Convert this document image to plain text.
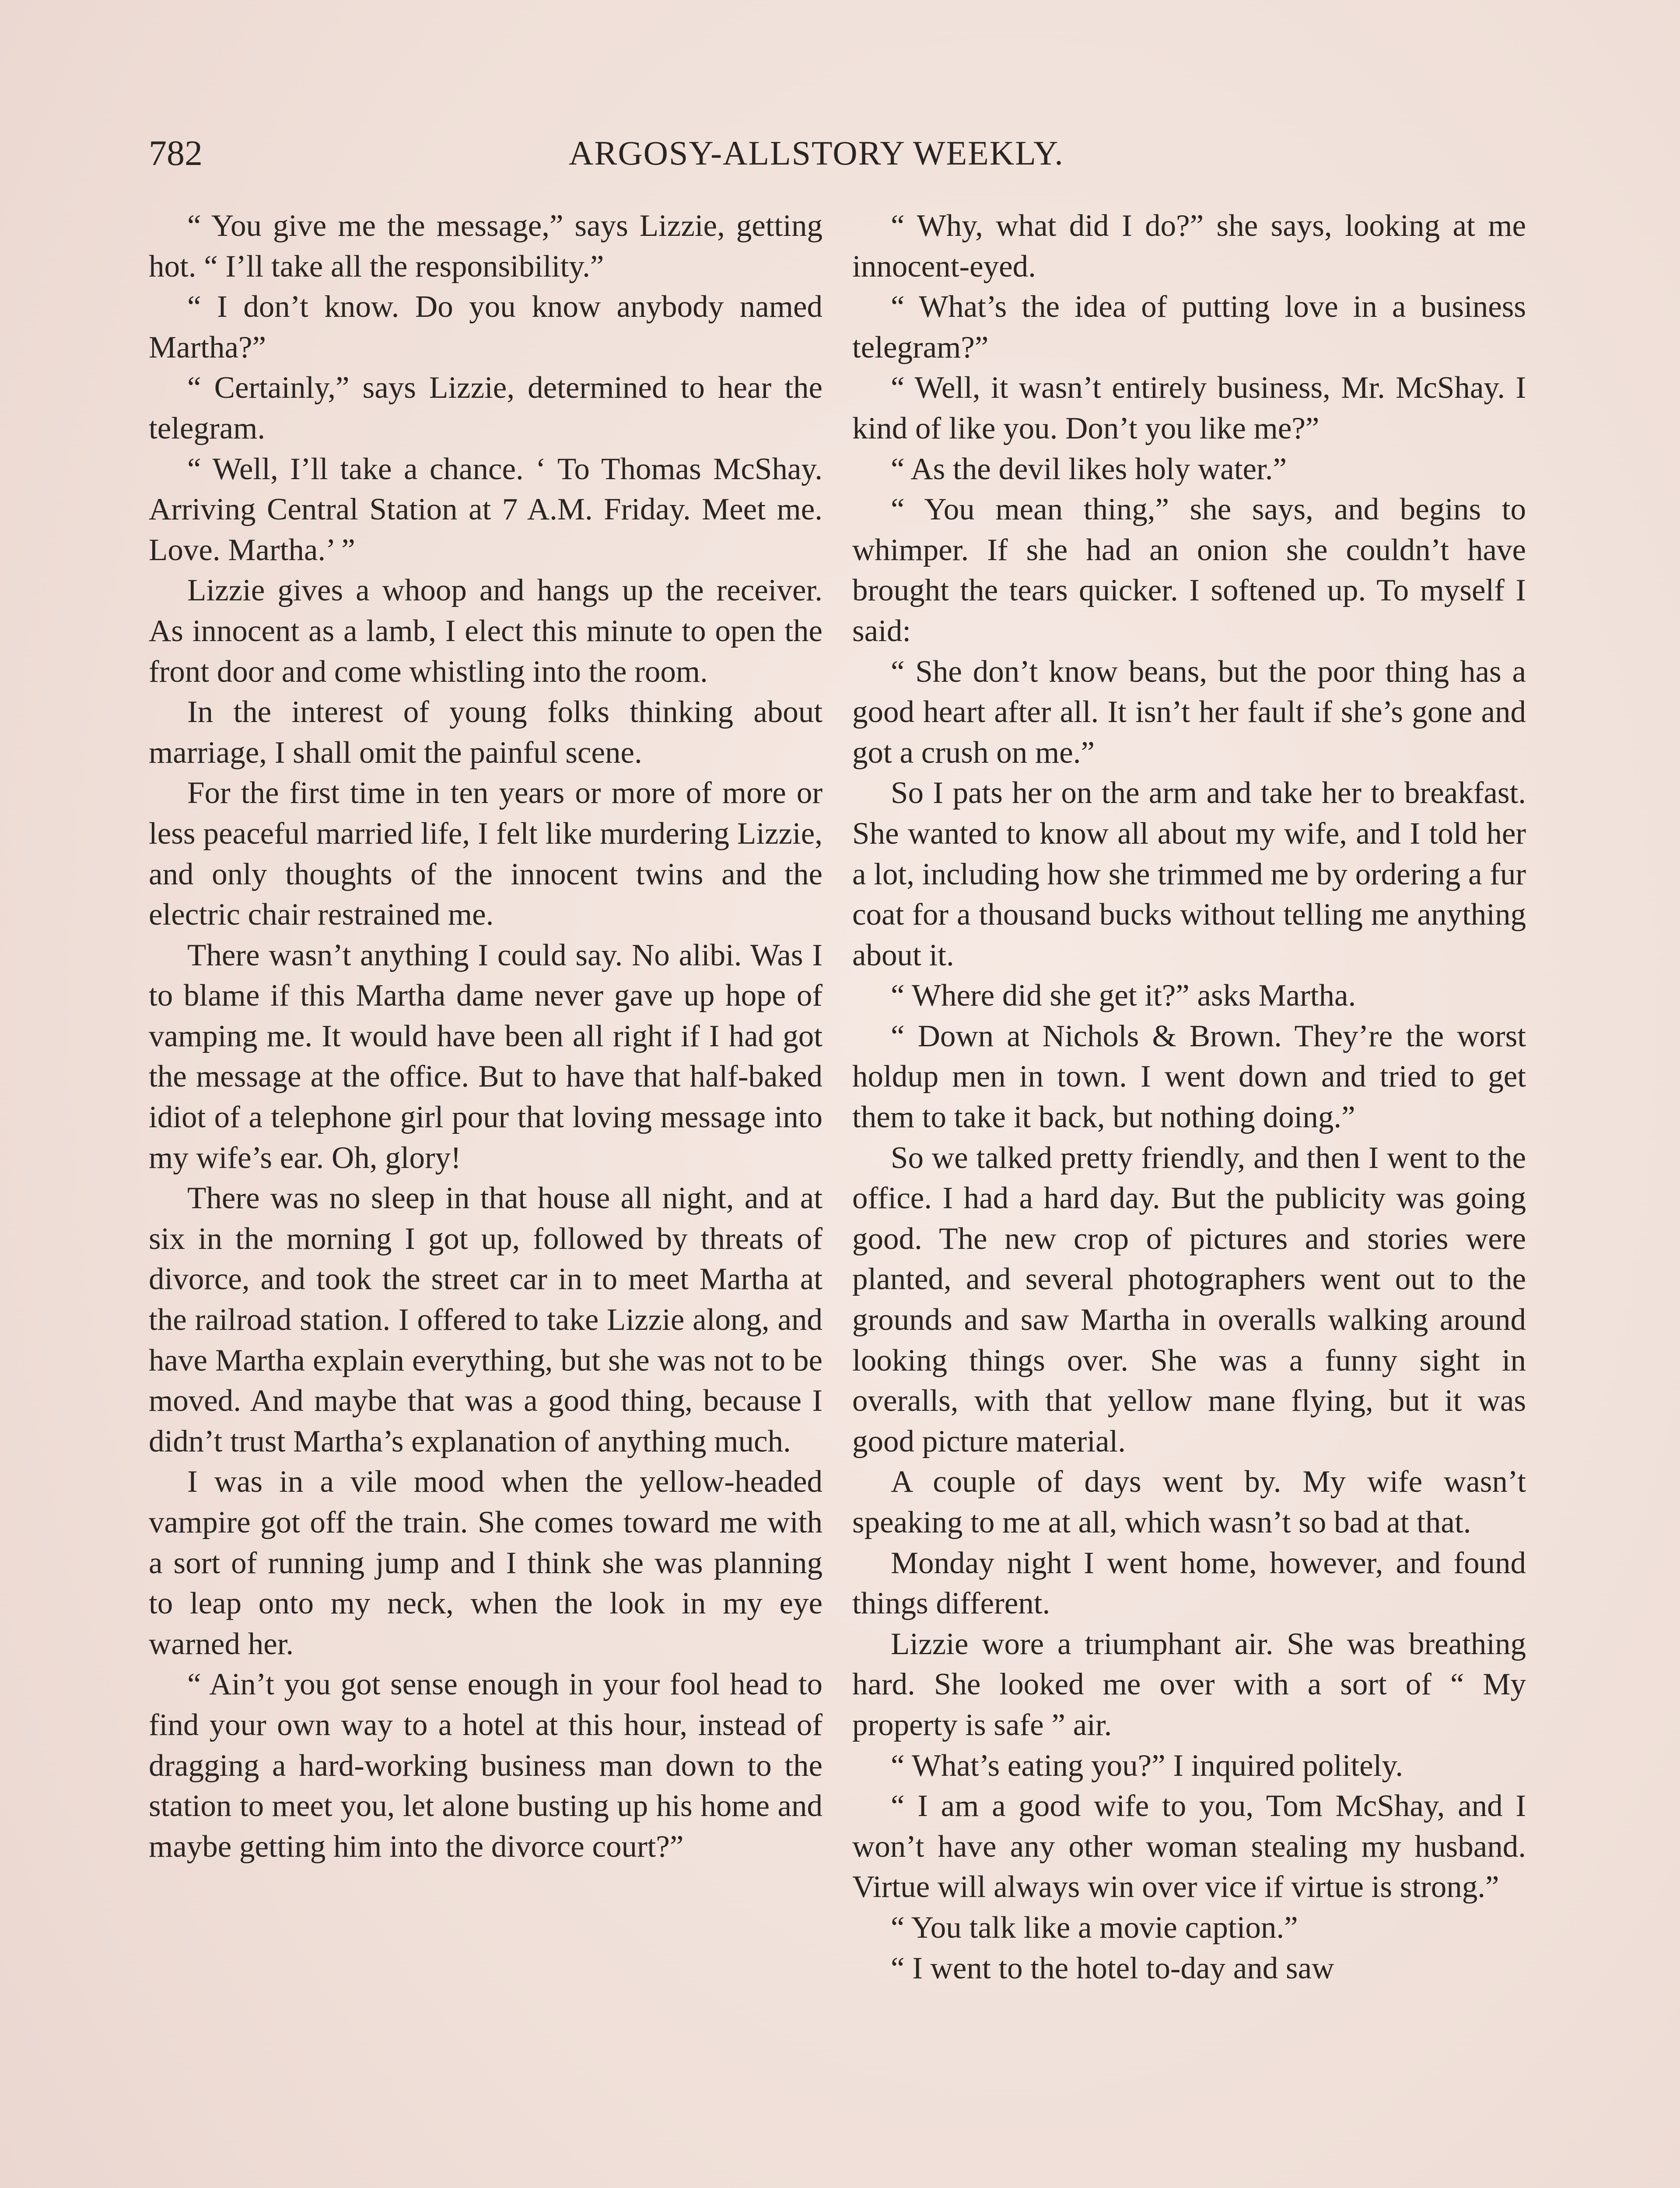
782	ARGOSY-ALLSTORY WEEKLY.

“ You give me the message,” says Lizzie, getting hot. “ I’ll take all the responsibility.”

“ I don’t know. Do you know anybody named Martha?”

“ Certainly,” says Lizzie, determined to hear the telegram.

“ Well, I’ll take a chance. ‘ To Thomas McShay. Arriving Central Station at 7 A.M. Friday. Meet me. Love. Martha.’ ”

Lizzie gives a whoop and hangs up the receiver. As innocent as a lamb, I elect this minute to open the front door and come whistling into the room.

In the interest of young folks thinking about marriage, I shall omit the painful scene.

For the first time in ten years or more of more or less peaceful married life, I felt like murdering Lizzie, and only thoughts of the innocent twins and the electric chair restrained me.

There wasn’t anything I could say. No alibi. Was I to blame if this Martha dame never gave up hope of vamping me. It would have been all right if I had got the message at the office. But to have that half-baked idiot of a telephone girl pour that loving message into my wife’s ear. Oh, glory!

There was no sleep in that house all night, and at six in the morning I got up, followed by threats of divorce, and took the street car in to meet Martha at the railroad station. I offered to take Lizzie along, and have Martha explain everything, but she was not to be moved. And maybe that was a good thing, because I didn’t trust Martha’s explanation of anything much.

I was in a vile mood when the yellow-headed vampire got off the train. She comes toward me with a sort of running jump and I think she was planning to leap onto my neck, when the look in my eye warned her.

“ Ain’t you got sense enough in your fool head to find your own way to a hotel at this hour, instead of dragging a hard-working business man down to the station to meet you, let alone busting up his home and maybe getting him into the divorce court?”

“ Why, what did I do?” she says, looking at me innocent-eyed.

“ What’s the idea of putting love in a business telegram?”

“ Well, it wasn’t entirely business, Mr. McShay. I kind of like you. Don’t you like me?”

“ As the devil likes holy water.”

“ You mean thing,” she says, and begins to whimper. If she had an onion she couldn’t have brought the tears quicker. I softened up. To myself I said:

“ She don’t know beans, but the poor thing has a good heart after all. It isn’t her fault if she’s gone and got a crush on me.”

So I pats her on the arm and take her to breakfast. She wanted to know all about my wife, and I told her a lot, including how she trimmed me by ordering a fur coat for a thousand bucks without telling me anything about it.

“ Where did she get it?” asks Martha.

“ Down at Nichols & Brown. They’re the worst holdup men in town. I went down and tried to get them to take it back, but nothing doing.”

So we talked pretty friendly, and then I went to the office. I had a hard day. But the publicity was going good. The new crop of pictures and stories were planted, and several photographers went out to the grounds and saw Martha in overalls walking around looking things over. She was a funny sight in overalls, with that yellow mane flying, but it was good picture material.

A couple of days went by. My wife wasn’t speaking to me at all, which wasn’t so bad at that.

Monday night I went home, however, and found things different.

Lizzie wore a triumphant air. She was breathing hard. She looked me over with a sort of “ My property is safe ” air.

“ What’s eating you?” I inquired politely.

“ I am a good wife to you, Tom McShay, and I won’t have any other woman stealing my husband. Virtue will always win over vice if virtue is strong.”

“ You talk like a movie caption.”

“ I went to the hotel to-day and saw
